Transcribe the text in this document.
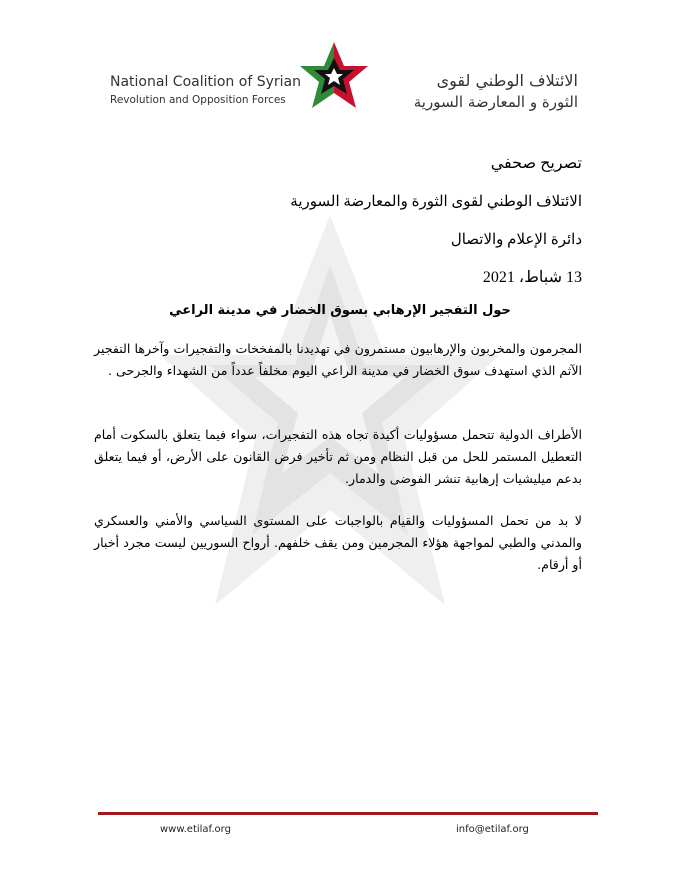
National Coalition of Syrian
Revolution and Opposition Forces
الائتلاف الوطني لقوى
الثورة و المعارضة السورية
تصريح صحفي
الائتلاف الوطني لقوى الثورة والمعارضة السورية
دائرة الإعلام والاتصال
13 شباط، 2021
حول التفجير الإرهابي بسوق الخضار في مدينة الراعي
المجرمون والمخربون والإرهابيون مستمرون في تهديدنا بالمفخخات والتفجيرات وآخرها التفجير الآثم الذي استهدف سوق الخضار في مدينة الراعي اليوم مخلفاً عدداً من الشهداء والجرحى .
الأطراف الدولية تتحمل مسؤوليات أكيدة تجاه هذه التفجيرات، سواء فيما يتعلق بالسكوت أمام التعطيل المستمر للحل من قبل النظام ومن ثم تأخير فرض القانون على الأرض، أو فيما يتعلق بدعم ميليشيات إرهابية تنشر الفوضى والدمار.
لا بد من تحمل المسؤوليات والقيام بالواجبات على المستوى السياسي والأمني والعسكري والمدني والطبي لمواجهة هؤلاء المجرمين ومن يقف خلفهم. أرواح السوريين ليست مجرد أخبار أو أرقام.
www.etilaf.org	info@etilaf.org
